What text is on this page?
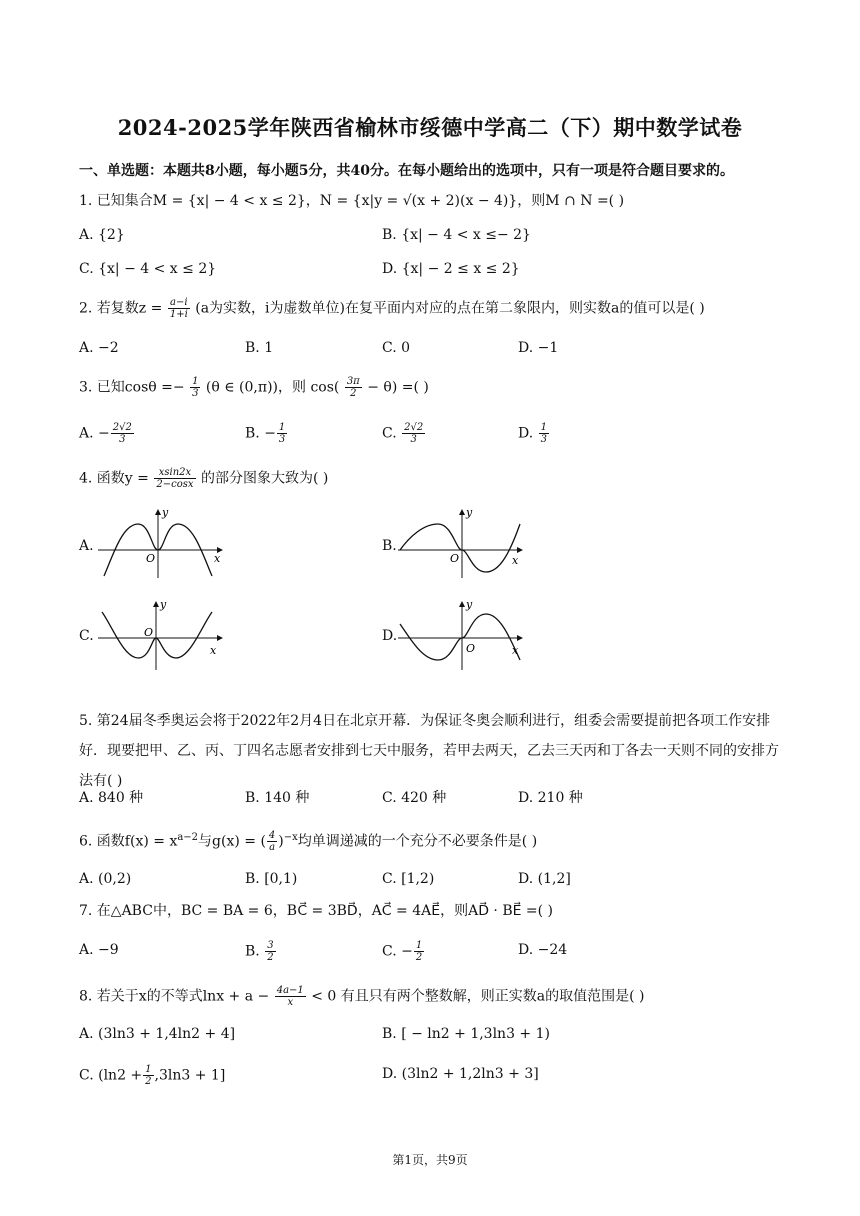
2024-2025学年陕西省榆林市绥德中学高二（下）期中数学试卷
一、单选题：本题共8小题，每小题5分，共40分。在每小题给出的选项中，只有一项是符合题目要求的。
1. 已知集合M = {x| − 4 < x ≤ 2}，N = {x|y = √(x + 2)(x − 4)}，则M ∩ N =( )
A. {2}	B. {x| − 4 < x ≤− 2}
C. {x| − 4 < x ≤ 2}	D. {x| − 2 ≤ x ≤ 2}
2. 若复数$z = \frac{a-i}{1+i} (a$为实数，i为虚数单位)在复平面内对应的点在第二象限内，则实数a的值可以是( )
A. −2	B. 1	C. 0	D. −1
3. 已知$\cos\theta =- \frac{1}{3} (\theta$ ∈ (0,π))，则 $\cos( \frac{3\pi}{2} - \theta)$ =( )
A. − $\frac{2√2}{3}$	B. − $\frac{1}{3}$	C. $\frac{2√2}{3}$	D. $\frac{1}{3}$
4. 函数$y = \frac{xsin2x}{2-\cos x}$ 的部分图象大致为( )
A.	B.
C.	D.
y
x
O
y
x
O
y
x
O
y
x
O
5. 第24届冬季奥运会将于2022年2月4日在北京开幕．为保证冬奥会顺利进行，组委会需要提前把各项工作安排好．现要把甲、乙、丙、丁四名志愿者安排到七天中服务，若甲去两天，乙去三天丙和丁各去一天则不同的安排方法有( )
A. 840 种	B. 140 种	C. 420 种	D. 210 种
6. 函数$f(x) = x^{a-2}$与g(x) = ( $\frac{4}{a} )^{-x}$均单调递减的一个充分不必要条件是( )
A. (0,2)	B. [0,1)	C. [1,2)	D. (1,2]
7. 在△ABC中，BC = BA = 6，BC⃗ = 3BD⃗，AC⃗ = 4AE⃗，则AD⃗ · BE⃗ =( )
A. −9	B. $\frac{3}{2}$	C. − $\frac{1}{2}$	D. −24
8. 若关于x的不等式$\ln x + a - \frac{4a-1}{x} < 0$ 有且只有两个整数解，则正实数a的取值范围是( )
A. (3ln3 + 1,4ln2 + 4]	B. [ − ln2 + 1,3ln3 + 1)
C. $(\ln 2 + \frac{1}{2} ,3\ln 3 + 1]$	D. (3ln2 + 1,2ln3 + 3]
第1页，共9页
